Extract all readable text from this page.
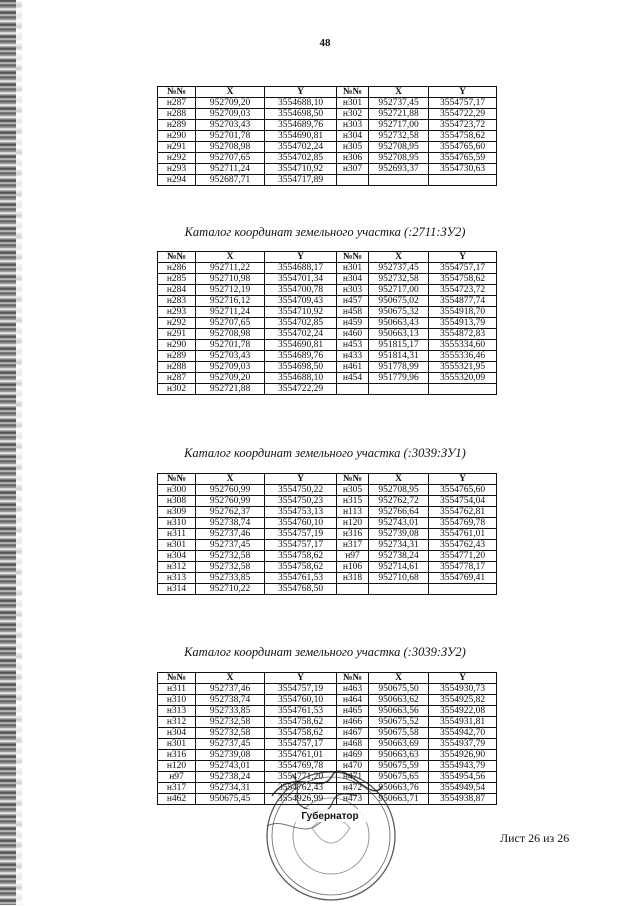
48
№№	X	Y	№№	X	Y
н287	952709,20	3554688,10	н301	952737,45	3554757,17
н288	952709,03	3554698,50	н302	952721,88	3554722,29
н289	952703,43	3554689,76	н303	952717,00	3554723,72
н290	952701,78	3554690,81	н304	952732,58	3554758,62
н291	952708,98	3554702,24	н305	952708,95	3554765,60
н292	952707,65	3554702,85	н306	952708,95	3554765,59
н293	952711,24	3554710,92	н307	952693,37	3554730,63
н294	952687,71	3554717,89			
Каталог координат земельного участка (:2711:ЗУ2)
№№	X	Y	№№	X	Y
н286	952711,22	3554688,17	н301	952737,45	3554757,17
н285	952710,98	3554701,34	н304	952732,58	3554758,62
н284	952712,19	3554700,78	н303	952717,00	3554723,72
н283	952716,12	3554709,43	н457	950675,02	3554877,74
н293	952711,24	3554710,92	н458	950675,32	3554918,70
н292	952707,65	3554702,85	н459	950663,43	3554913,79
н291	952708,98	3554702,24	н460	950663,13	3554872,83
н290	952701,78	3554690,81	н453	951815,17	3555334,60
н289	952703,43	3554689,76	н433	951814,31	3555336,46
н288	952709,03	3554698,50	н461	951778,99	3555321,95
н287	952709,20	3554688,10	н454	951779,96	3555320,09
н302	952721,88	3554722,29			
Каталог координат земельного участка (:3039:ЗУ1)
№№	X	Y	№№	X	Y
н300	952760,99	3554750,22	н305	952708,95	3554765,60
н308	952760,99	3554750,23	н315	952762,72	3554754,04
н309	952762,37	3554753,13	н113	952766,64	3554762,81
н310	952738,74	3554760,10	н120	952743,01	3554769,78
н311	952737,46	3554757,19	н316	952739,08	3554761,01
н301	952737,45	3554757,17	н317	952734,31	3554762,43
н304	952732,58	3554758,62	н97	952738,24	3554771,20
н312	952732,58	3554758,62	н106	952714,61	3554778,17
н313	952733,85	3554761,53	н318	952710,68	3554769,41
н314	952710,22	3554768,50			
Каталог координат земельного участка (:3039:ЗУ2)
№№	X	Y	№№	X	Y
н311	952737,46	3554757,19	н463	950675,50	3554930,73
н310	952738,74	3554760,10	н464	950663,62	3554925,82
н313	952733,85	3554761,53	н465	950663,56	3554922,08
н312	952732,58	3554758,62	н466	950675,52	3554931,81
н304	952732,58	3554758,62	н467	950675,58	3554942,70
н301	952737,45	3554757,17	н468	950663,69	3554937,79
н316	952739,08	3554761,01	н469	950663,63	3554926,90
н120	952743,01	3554769,78	н470	950675,59	3554943,79
н97	952738,24	3554771,20	н471	950675,65	3554954,56
н317	952734,31	3554762,43	н472	950663,76	3554949,54
н462	950675,45	3554926,99	н473	950663,71	3554938,87
Губернатор
Лист 26 из 26
